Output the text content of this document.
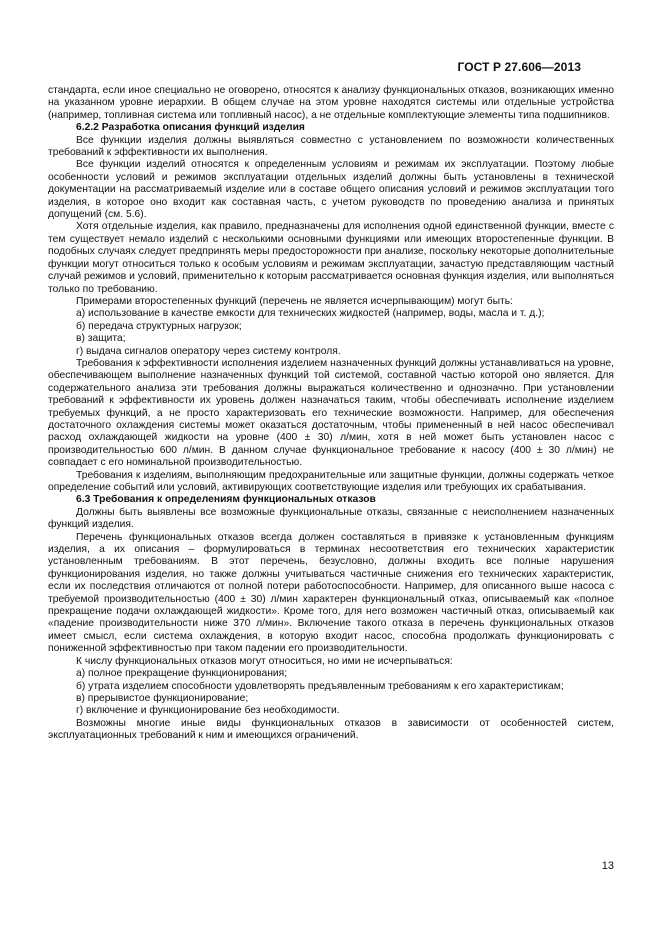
ГОСТ Р 27.606—2013

стандарта, если иное специально не оговорено, относятся к анализу функциональных отказов, возникающих именно на указанном уровне иерархии. В общем случае на этом уровне находятся системы или отдельные устройства (например, топливная система или топливный насос), а не отдельные комплектующие элементы типа подшипников.

6.2.2 Разработка описания функций изделия

Все функции изделия должны выявляться совместно с установлением по возможности количественных требований к эффективности их выполнения.

Все функции изделий относятся к определенным условиям и режимам их эксплуатации. Поэтому любые особенности условий и режимов эксплуатации отдельных изделий должны быть установлены в технической документации на рассматриваемый изделие или в составе общего описания условий и режимов эксплуатации того изделия, в которое оно входит как составная часть, с учетом руководств по проведению анализа и принятых допущений (см. 5.6).

Хотя отдельные изделия, как правило, предназначены для исполнения одной единственной функции, вместе с тем существует немало изделий с несколькими основными функциями или имеющих второстепенные функции. В подобных случаях следует предпринять меры предосторожности при анализе, поскольку некоторые дополнительные функции могут относиться только к особым условиям и режимам эксплуатации, зачастую представляющим частный случай режимов и условий, применительно к которым рассматривается основная функция изделия, или выполняться только по требованию.

Примерами второстепенных функций (перечень не является исчерпывающим) могут быть:

а) использование в качестве емкости для технических жидкостей (например, воды, масла и т. д.);

б) передача структурных нагрузок;

в) защита;

г) выдача сигналов оператору через систему контроля.

Требования к эффективности исполнения изделием назначенных функций должны устанавливаться на уровне, обеспечивающем выполнение назначенных функций той системой, составной частью которой оно является. Для содержательного анализа эти требования должны выражаться количественно и однозначно. При установлении требований к эффективности их уровень должен назначаться таким, чтобы обеспечивать исполнение изделием требуемых функций, а не просто характеризовать его технические возможности. Например, для обеспечения достаточного охлаждения системы может оказаться достаточным, чтобы примененный в ней насос обеспечивал расход охлаждающей жидкости на уровне (400 ± 30) л/мин, хотя в ней может быть установлен насос с производительностью 600 л/мин. В данном случае функциональное требование к насосу (400 ± 30 л/мин) не совпадает с его номинальной производительностью.

Требования к изделиям, выполняющим предохранительные или защитные функции, должны содержать четкое определение событий или условий, активирующих соответствующие изделия или требующих их срабатывания.

6.3 Требования к определениям функциональных отказов

Должны быть выявлены все возможные функциональные отказы, связанные с неисполнением назначенных функций изделия.

Перечень функциональных отказов всегда должен составляться в привязке к установленным функциям изделия, а их описания – формулироваться в терминах несоответствия его технических характеристик установленным требованиям. В этот перечень, безусловно, должны входить все полные нарушения функционирования изделия, но также должны учитываться частичные снижения его технических характеристик, если их последствия отличаются от полной потери работоспособности. Например, для описанного выше насоса с требуемой производительностью (400 ± 30) л/мин характерен функциональный отказ, описываемый как «полное прекращение подачи охлаждающей жидкости». Кроме того, для него возможен частичный отказ, описываемый как «падение производительности ниже 370 л/мин». Включение такого отказа в перечень функциональных отказов имеет смысл, если система охлаждения, в которую входит насос, способна продолжать функционировать с пониженной эффективностью при таком падении его производительности.

К числу функциональных отказов могут относиться, но ими не исчерпываться:

а) полное прекращение функционирования;

б) утрата изделием способности удовлетворять предъявленным требованиям к его характеристикам;

в) прерывистое функционирование;

г) включение и функционирование без необходимости.

Возможны многие иные виды функциональных отказов в зависимости от особенностей систем, эксплуатационных требований к ним и имеющихся ограничений.

13
